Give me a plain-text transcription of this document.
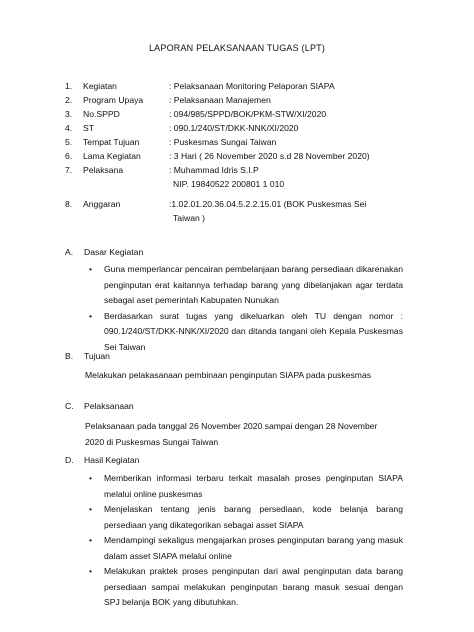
LAPORAN PELAKSANAAN TUGAS (LPT)
1. Kegiatan	: Pelaksanaan Monitoring Pelaporan SIAPA
2. Program Upaya	: Pelaksanaan Manajemen
3. No.SPPD	: 094/985/SPPD/BOK/PKM-STW/XI/2020
4. ST	: 090.1/240/ST/DKK-NNK/XI/2020
5. Tempat Tujuan	: Puskesmas Sungai Taiwan
6. Lama Kegiatan	: 3 Hari ( 26 November 2020 s.d 28 November 2020)
7. Pelaksana	: Muhammad Idris S.I.P
NIP. 19840522 200801 1 010
8. Anggaran	:1.02.01.20.36.04.5.2.2.15.01 (BOK Puskesmas Sei
Taiwan )
A. Dasar Kegiatan
• Guna memperlancar pencairan pembelanjaan barang persediaan dikarenakan penginputan erat kaitannya terhadap barang yang dibelanjakan agar terdata sebagai aset pemerintah Kabupaten Nunukan
• Berdasarkan surat tugas yang dikeluarkan oleh TU dengan nomor : 090.1/240/ST/DKK-NNK/XI/2020 dan ditanda tangani oleh Kepala Puskesmas Sei Taiwan
B. Tujuan
Melakukan pelakasanaan pembinaan penginputan SIAPA pada puskesmas
C. Pelaksanaan
Pelaksanaan pada tanggal 26 November 2020 sampai dengan 28 November
2020 di Puskesmas Sungai Taiwan
D. Hasil Kegiatan
• Memberikan informasi terbaru terkait masalah proses penginputan SIAPA melalui online puskesmas
• Menjelaskan tentang jenis barang persediaan, kode belanja barang persediaan yang dikategorikan sebagai asset SIAPA
• Mendampingi sekaligus mengajarkan proses penginputan barang yang masuk dalam asset SIAPA melalui online
• Melakukan praktek proses penginputan dari awal penginputan data barang persediaan sampai melakukan penginputan barang masuk sesuai dengan SPJ belanja BOK yang dibutuhkan.
